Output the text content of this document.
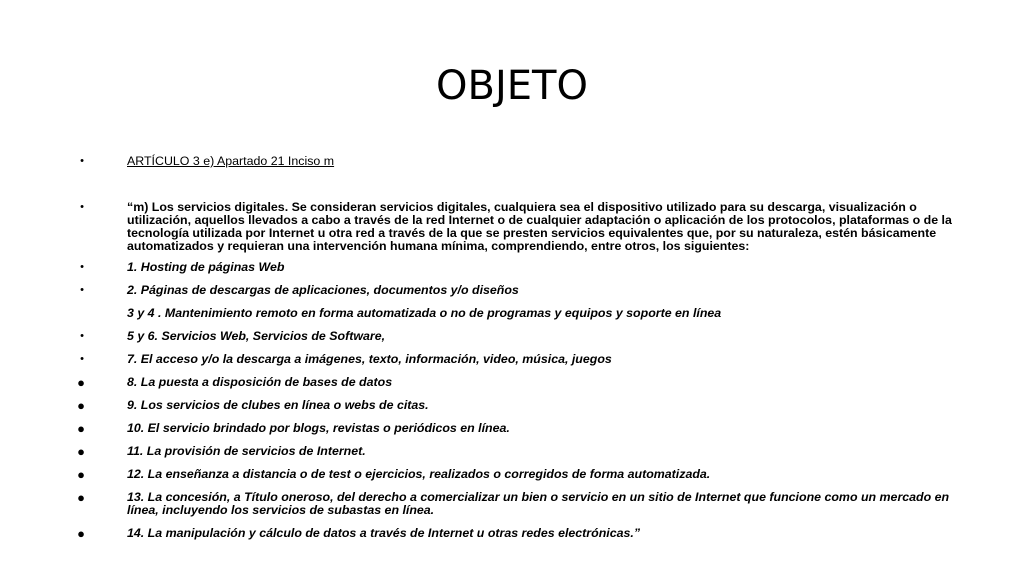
OBJETO
•	ARTÍCULO 3 e) Apartado 21 Inciso m
•	“m) Los servicios digitales. Se consideran servicios digitales, cualquiera sea el dispositivo utilizado para su descarga, visualización o utilización, aquellos llevados a cabo a través de la red Internet o de cualquier adaptación o aplicación de los protocolos, plataformas o de la tecnología utilizada por Internet u otra red a través de la que se presten servicios equivalentes que, por su naturaleza, estén básicamente automatizados y requieran una intervención humana mínima, comprendiendo, entre otros, los siguientes:
•	1. Hosting de páginas Web
•	2. Páginas de descargas de aplicaciones, documentos y/o diseños
3 y 4 . Mantenimiento remoto en forma automatizada o no de programas y equipos y soporte en línea
•	5 y 6. Servicios Web, Servicios de Software,
•	7. El acceso y/o la descarga a imágenes, texto, información, video, música, juegos
●	8. La puesta a disposición de bases de datos
●	9. Los servicios de clubes en línea o webs de citas.
●	10. El servicio brindado por blogs, revistas o periódicos en línea.
●	11. La provisión de servicios de Internet.
●	12. La enseñanza a distancia o de test o ejercicios, realizados o corregidos de forma automatizada.
●	13. La concesión, a Título oneroso, del derecho a comercializar un bien o servicio en un sitio de Internet que funcione como un mercado en línea, incluyendo los servicios de subastas en línea.
●	14. La manipulación y cálculo de datos a través de Internet u otras redes electrónicas.”
